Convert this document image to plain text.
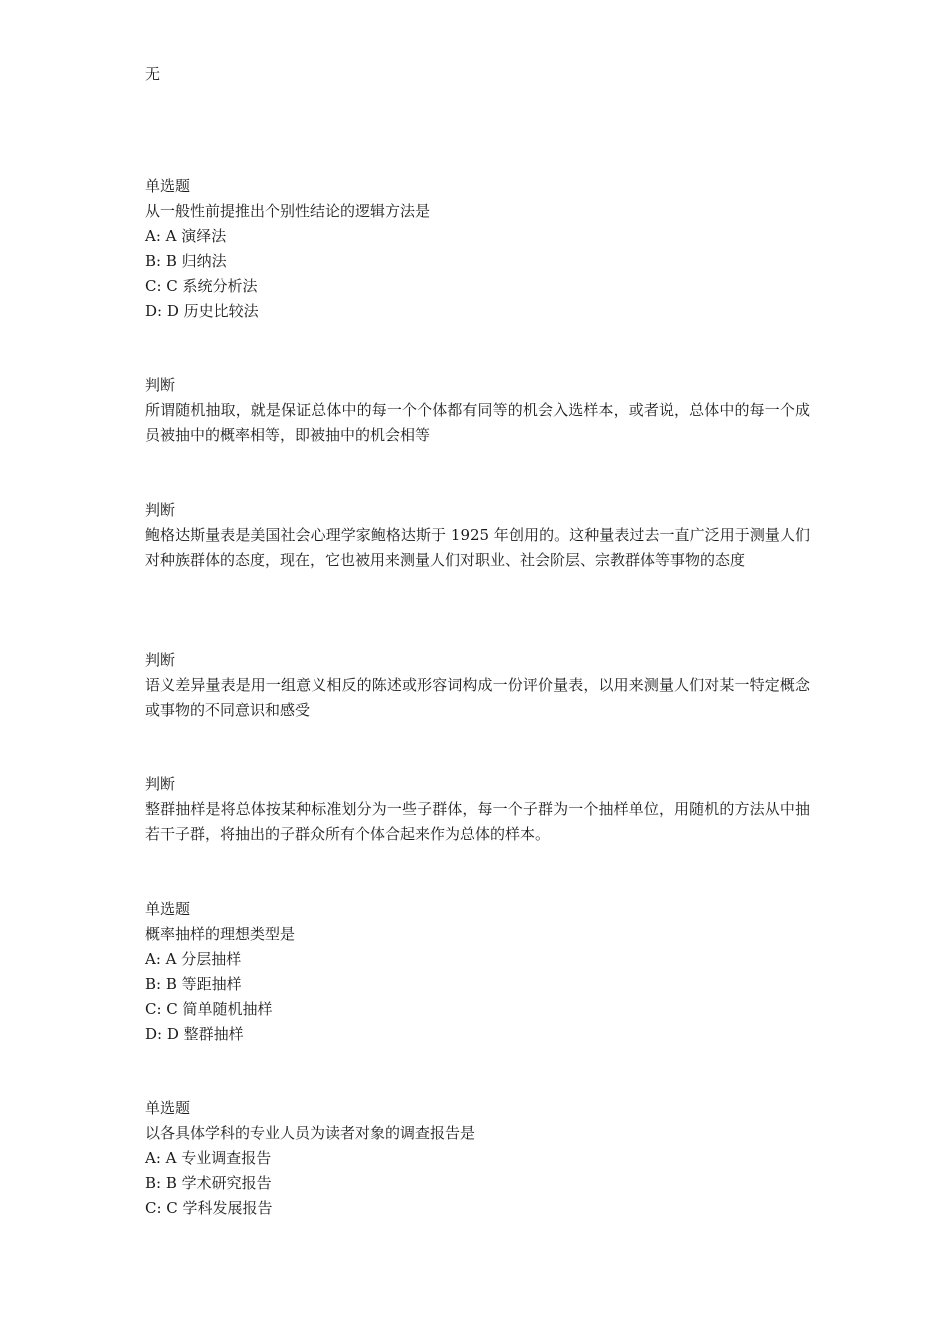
无
单选题
从一般性前提推出个别性结论的逻辑方法是
A: A 演绎法
B: B 归纳法
C: C 系统分析法
D: D 历史比较法
判断
所谓随机抽取，就是保证总体中的每一个个体都有同等的机会入选样本，或者说，总体中的每一个成员被抽中的概率相等，即被抽中的机会相等
判断
鲍格达斯量表是美国社会心理学家鲍格达斯于 1925 年创用的。这种量表过去一直广泛用于测量人们对种族群体的态度，现在，它也被用来测量人们对职业、社会阶层、宗教群体等事物的态度
判断
语义差异量表是用一组意义相反的陈述或形容词构成一份评价量表，以用来测量人们对某一特定概念或事物的不同意识和感受
判断
整群抽样是将总体按某种标准划分为一些子群体，每一个子群为一个抽样单位，用随机的方法从中抽若干子群，将抽出的子群众所有个体合起来作为总体的样本。
单选题
概率抽样的理想类型是
A: A 分层抽样
B: B 等距抽样
C: C 简单随机抽样
D: D 整群抽样
单选题
以各具体学科的专业人员为读者对象的调查报告是
A: A 专业调查报告
B: B 学术研究报告
C: C 学科发展报告
